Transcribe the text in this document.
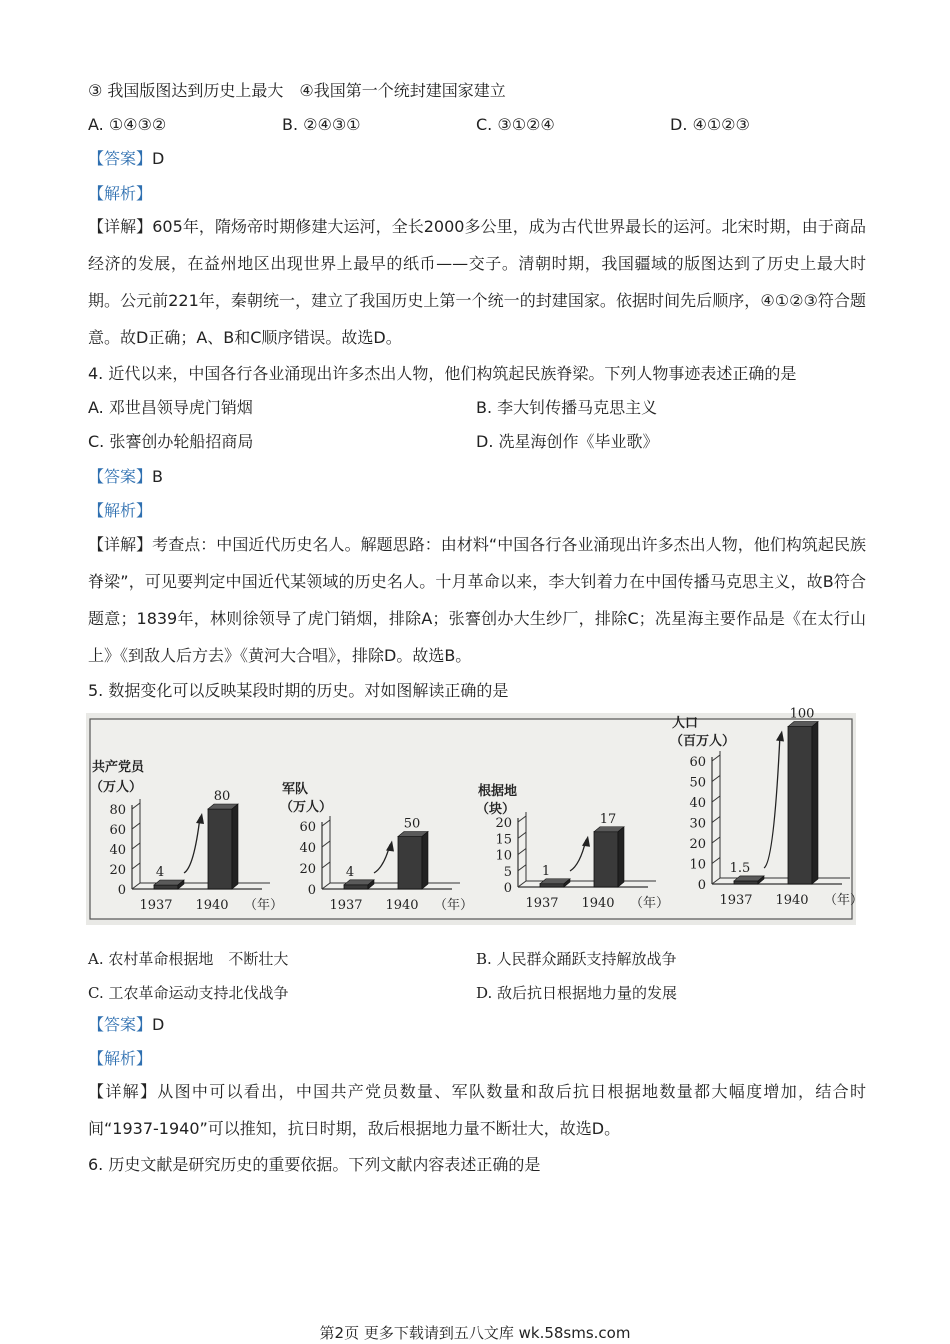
③ 我国版图达到历史上最大　④我国第一个统封建国家建立
A. ①④③②	B. ②④③①	C. ③①②④	D. ④①②③
【答案】D
【解析】
【详解】605年，隋炀帝时期修建大运河，全长2000多公里，成为古代世界最长的运河。北宋时期，由于商品经济的发展，在益州地区出现世界上最早的纸币——交子。清朝时期，我国疆域的版图达到了历史上最大时期。公元前221年，秦朝统一，建立了我国历史上第一个统一的封建国家。依据时间先后顺序，④①②③符合题意。故D正确；A、B和C顺序错误。故选D。
4. 近代以来，中国各行各业涌现出许多杰出人物，他们构筑起民族脊梁。下列人物事迹表述正确的是
A. 邓世昌领导虎门销烟	B. 李大钊传播马克思主义
C. 张謇创办轮船招商局	D. 冼星海创作《毕业歌》
【答案】B
【解析】
【详解】考查点：中国近代历史名人。解题思路：由材料“中国各行各业涌现出许多杰出人物，他们构筑起民族脊梁”，可见要判定中国近代某领域的历史名人。十月革命以来，李大钊着力在中国传播马克思主义，故B符合题意；1839年，林则徐领导了虎门销烟，排除A；张謇创办大生纱厂，排除C；冼星海主要作品是《在太行山上》《到敌人后方去》《黄河大合唱》，排除D。故选B。
5. 数据变化可以反映某段时期的历史。对如图解读正确的是
共产党员
（万人）
0
20
40
60
80
4
1937
80
1940 （年）
军队
（万人）
0
20
40
60
4
1937
50
1940 （年）
根据地
（块）
0
5
10
15
20
1
1937
17
1940 （年）
人口
（百万人）
0
10
20
30
40
50
60
1.5
1937
100
1940 （年）
A. 农村革命根据地　不断壮大	B. 人民群众踊跃支持解放战争
C. 工农革命运动支持北伐战争	D. 敌后抗日根据地力量的发展
【答案】D
【解析】
【详解】从图中可以看出，中国共产党员数量、军队数量和敌后抗日根据地数量都大幅度增加，结合时间“1937-1940”可以推知，抗日时期，敌后根据地力量不断壮大，故选D。
6. 历史文献是研究历史的重要依据。下列文献内容表述正确的是
第2页 更多下载请到五八文库 wk.58sms.com
